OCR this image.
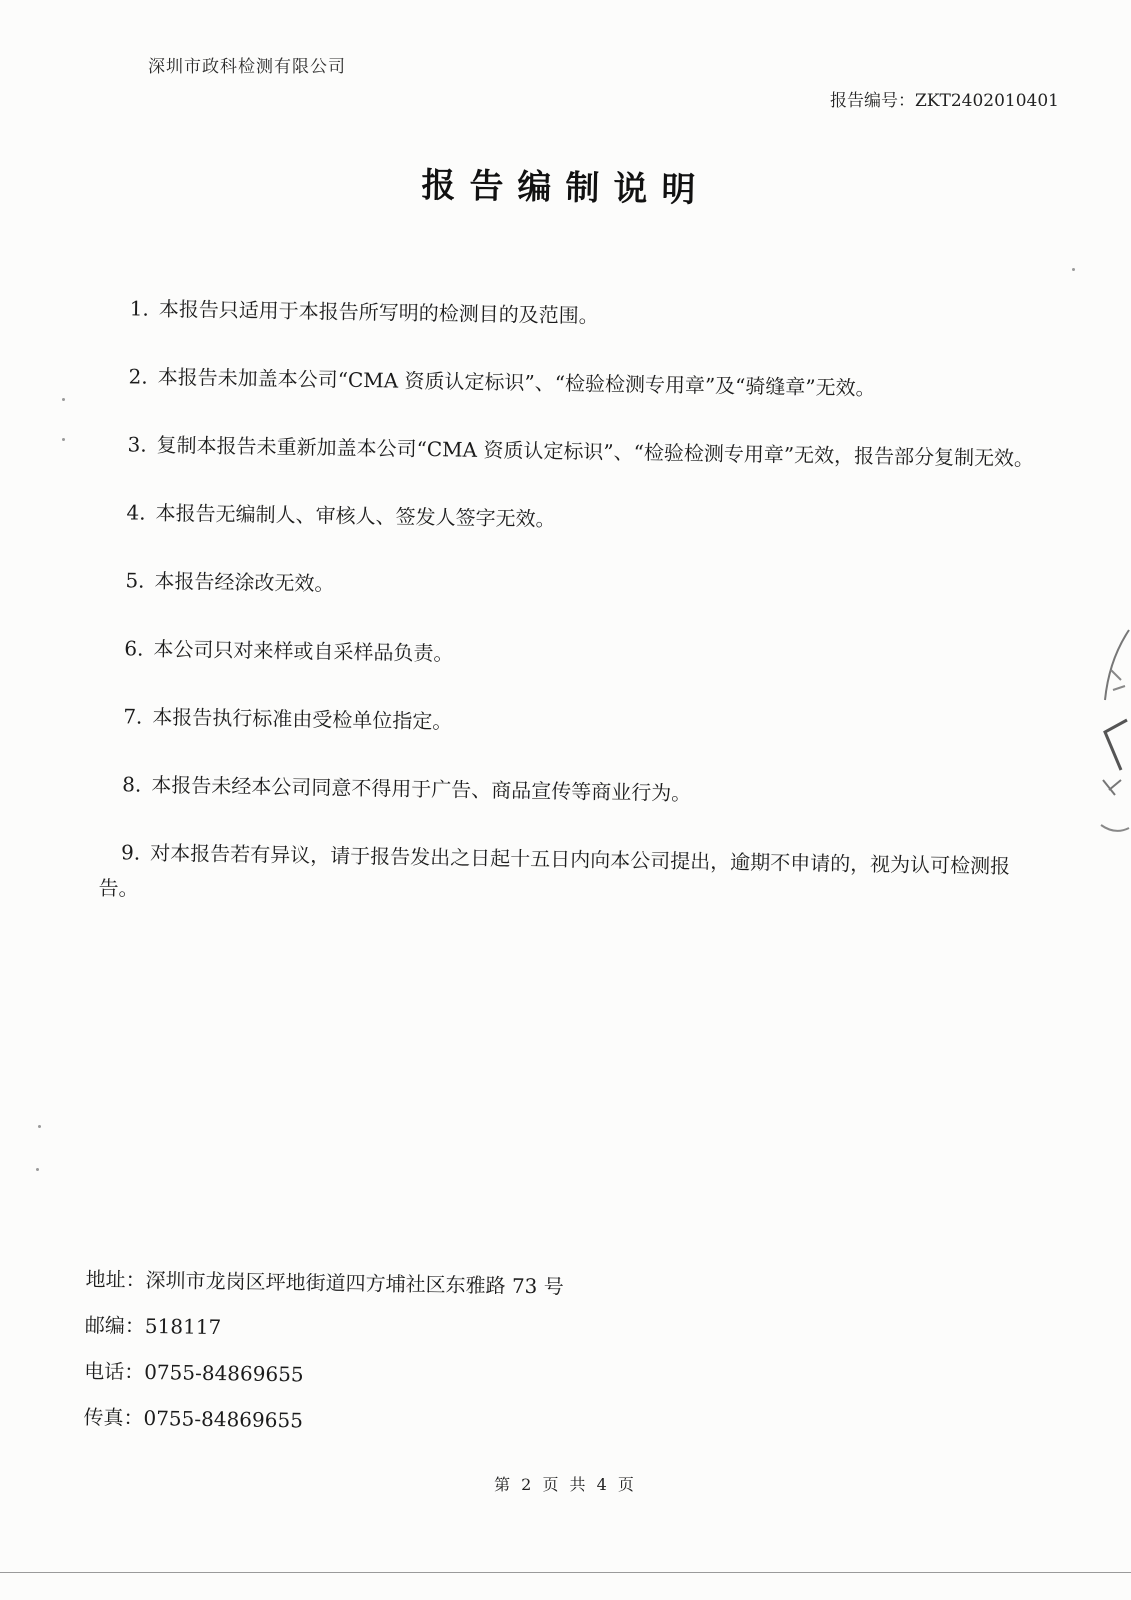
深圳市政科检测有限公司
报告编号：ZKT2402010401
报告编制说明
1. 本报告只适用于本报告所写明的检测目的及范围。
2. 本报告未加盖本公司“CMA 资质认定标识”、“检验检测专用章”及“骑缝章”无效。
3. 复制本报告未重新加盖本公司“CMA 资质认定标识”、“检验检测专用章”无效，报告部分复制无效。
4. 本报告无编制人、审核人、签发人签字无效。
5. 本报告经涂改无效。
6. 本公司只对来样或自采样品负责。
7. 本报告执行标准由受检单位指定。
8. 本报告未经本公司同意不得用于广告、商品宣传等商业行为。
9. 对本报告若有异议，请于报告发出之日起十五日内向本公司提出，逾期不申请的，视为认可检测报告。
地址：深圳市龙岗区坪地街道四方埔社区东雅路 73 号
邮编：518117
电话：0755-84869655
传真：0755-84869655
第 2 页 共 4 页
